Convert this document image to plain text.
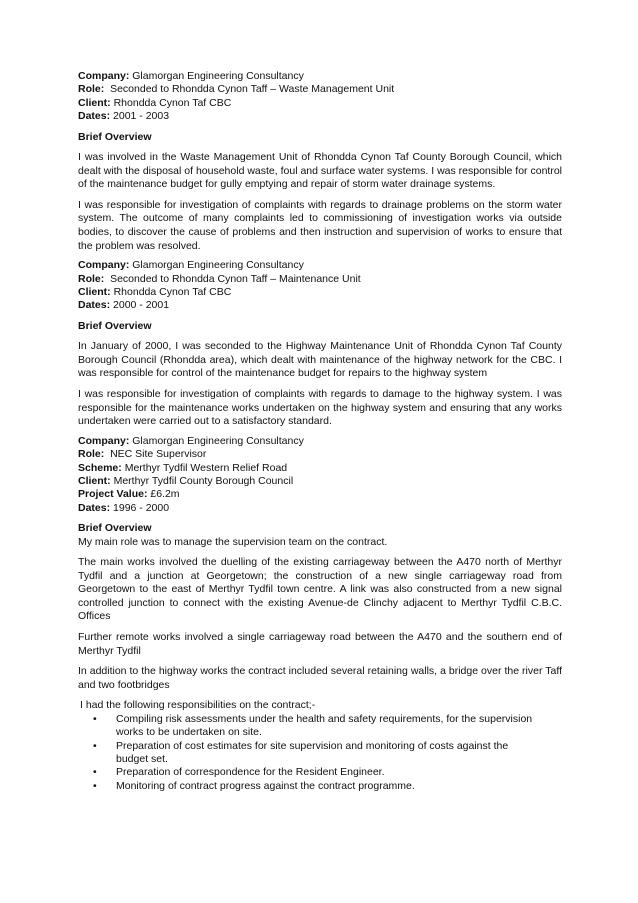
Company: Glamorgan Engineering Consultancy
Role:  Seconded to Rhondda Cynon Taff – Waste Management Unit
Client: Rhondda Cynon Taf CBC
Dates: 2001 - 2003
Brief Overview

I was involved in the Waste Management Unit of Rhondda Cynon Taf County Borough Council, which dealt with the disposal of household waste, foul and surface water systems. I was responsible for control of the maintenance budget for gully emptying and repair of storm water drainage systems.

I was responsible for investigation of complaints with regards to drainage problems on the storm water system. The outcome of many complaints led to commissioning of investigation works via outside bodies, to discover the cause of problems and then instruction and supervision of works to ensure that the problem was resolved.

Company: Glamorgan Engineering Consultancy
Role:  Seconded to Rhondda Cynon Taff – Maintenance Unit
Client: Rhondda Cynon Taf CBC
Dates: 2000 - 2001
Brief Overview

In January of 2000, I was seconded to the Highway Maintenance Unit of Rhondda Cynon Taf County Borough Council (Rhondda area), which dealt with maintenance of the highway network for the CBC. I was responsible for control of the maintenance budget for repairs to the highway system

I was responsible for investigation of complaints with regards to damage to the highway system. I was responsible for the maintenance works undertaken on the highway system and ensuring that any works undertaken were carried out to a satisfactory standard.

Company: Glamorgan Engineering Consultancy
Role:  NEC Site Supervisor
Scheme: Merthyr Tydfil Western Relief Road
Client: Merthyr Tydfil County Borough Council
Project Value: £6.2m
Dates: 1996 - 2000
Brief Overview
My main role was to manage the supervision team on the contract.

The main works involved the duelling of the existing carriageway between the A470 north of Merthyr Tydfil and a junction at Georgetown; the construction of a new single carriageway road from Georgetown to the east of Merthyr Tydfil town centre. A link was also constructed from a new signal controlled junction to connect with the existing Avenue-de Clinchy adjacent to Merthyr Tydfil C.B.C. Offices

Further remote works involved a single carriageway road between the A470 and the southern end of Merthyr Tydfil

In addition to the highway works the contract included several retaining walls, a bridge over the river Taff and two footbridges

I had the following responsibilities on the contract;-
• Compiling risk assessments under the health and safety requirements, for the supervision works to be undertaken on site.
• Preparation of cost estimates for site supervision and monitoring of costs against the budget set.
• Preparation of correspondence for the Resident Engineer.
• Monitoring of contract progress against the contract programme.
